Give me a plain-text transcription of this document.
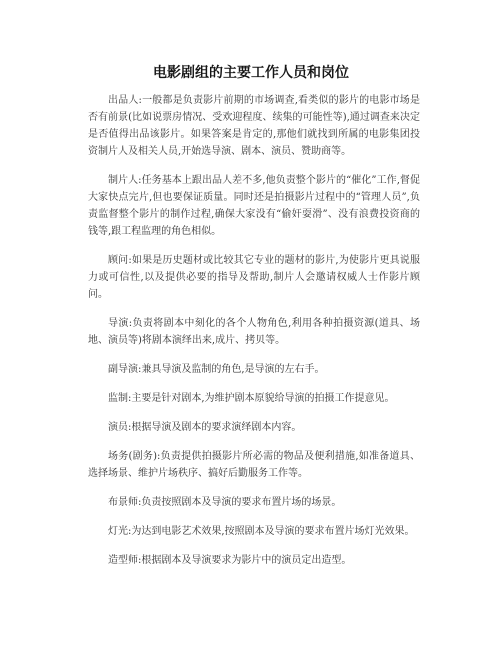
电影剧组的主要工作人员和岗位

出品人:一般都是负责影片前期的市场调查,看类似的影片的电影市场是否有前景(比如说票房情况、受欢迎程度、续集的可能性等),通过调查来决定是否值得出品该影片。如果答案是肯定的,那他们就找到所属的电影集团投资制片人及相关人员,开始选导演、剧本、演员、赞助商等。

制片人:任务基本上跟出品人差不多,他负责整个影片的“催化”工作,督促大家快点完片,但也要保证质量。同时还是拍摄影片过程中的“管理人员”,负责监督整个影片的制作过程,确保大家没有“偷奸耍滑”、没有浪费投资商的钱等,跟工程监理的角色相似。

顾问:如果是历史题材或比较其它专业的题材的影片,为使影片更具说服力或可信性,以及提供必要的指导及帮助,制片人会邀请权威人士作影片顾问。

导演:负责将剧本中刻化的各个人物角色,利用各种拍摄资源(道具、场地、演员等)将剧本演绎出来,成片、拷贝等。

副导演:兼具导演及监制的角色,是导演的左右手。

监制:主要是针对剧本,为维护剧本原貌给导演的拍摄工作提意见。

演员:根据导演及剧本的要求演绎剧本内容。

场务(剧务):负责提供拍摄影片所必需的物品及便利措施,如准备道具、选择场景、维护片场秩序、搞好后勤服务工作等。

布景师:负责按照剧本及导演的要求布置片场的场景。

灯光:为达到电影艺术效果,按照剧本及导演的要求布置片场灯光效果。

造型师:根据剧本及导演要求为影片中的演员定出造型。
